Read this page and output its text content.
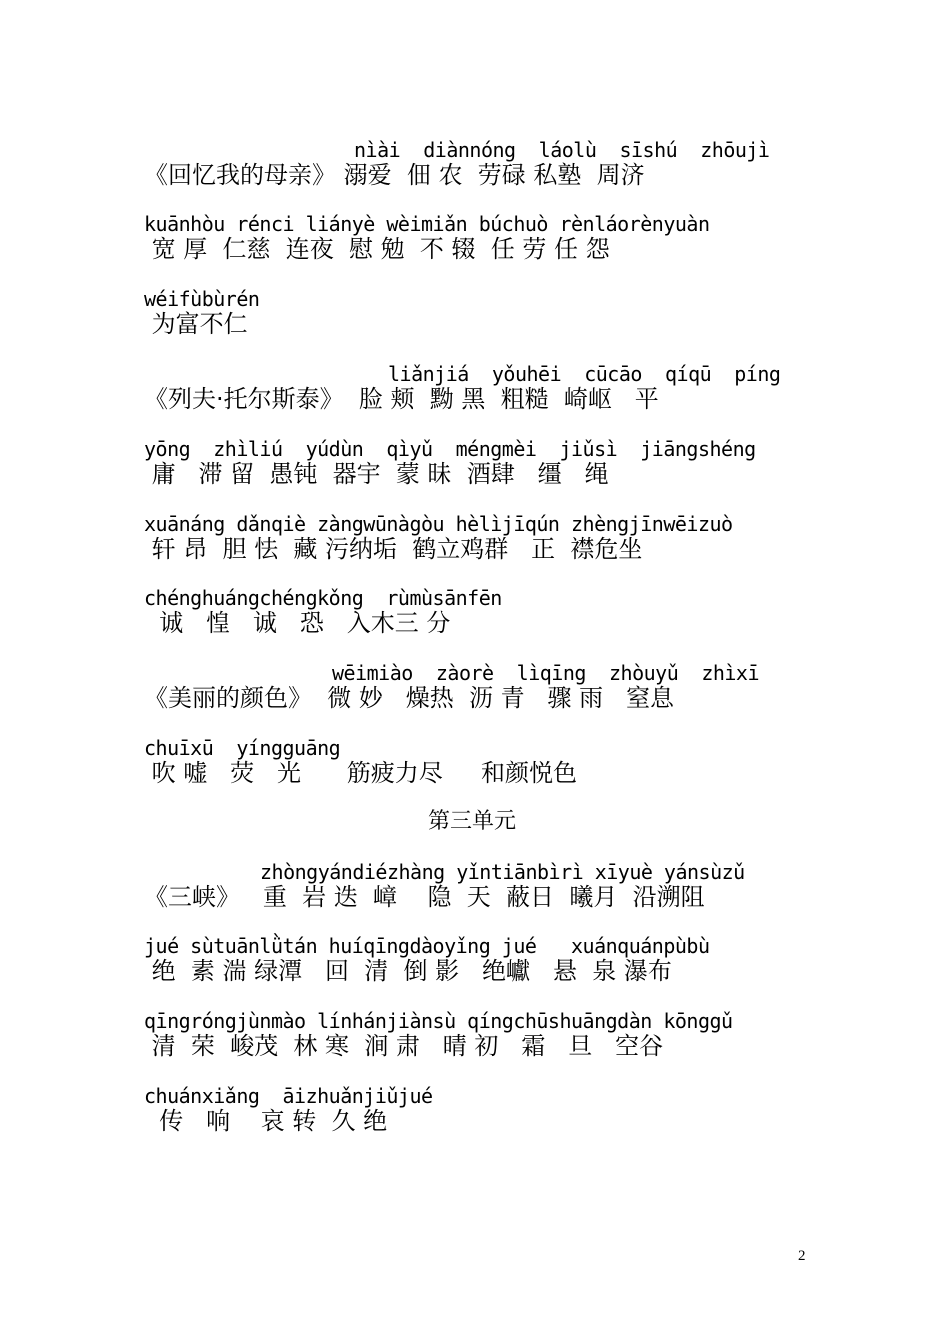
nìài  diànnóng  láolù  sīshú  zhōujì
《回忆我的母亲》 溺爱  佃 农  劳碌 私塾  周济
kuānhòu rénci liányè wèimiǎn búchuò rènláorènyuàn
宽 厚  仁慈  连夜  慰 勉  不 辍  任 劳 任 怨
wéifùbùrén
为富不仁
liǎnjiá  yǒuhēi  cūcāo  qíqū  píng
《列夫·托尔斯泰》  脸 颊  黝 黑  粗糙  崎岖   平
yōng  zhìliú  yúdùn  qìyǔ  méngmèi  jiǔsì  jiāngshéng
庸   滞 留  愚钝  器宇  蒙 昧  酒肆   缰   绳
xuānáng dǎnqiè zàngwūnàgòu hèlìjīqún zhèngjīnwēizuò
轩 昂  胆 怯  藏 污纳垢  鹤立鸡群   正  襟危坐
chénghuángchéngkǒng  rùmùsānfēn
诚   惶   诚   恐   入木三 分
wēimiào  zàorè  lìqīng  zhòuyǔ  zhìxī
《美丽的颜色》  微 妙   燥热  沥 青   骤 雨   窒息
chuīxū  yíngguāng
吹 嘘   荧   光      筋疲力尽     和颜悦色
第三单元
zhòngyándiézhàng yǐntiānbìrì xīyuè yánsùzǔ
《三峡》   重  岩 迭  嶂    隐  天  蔽日  曦月  沿溯阻
jué sùtuānlǜtán huíqīngdàoyǐng jué   xuánquánpùbù
绝  素 湍 绿潭   回  清  倒 影   绝巘   悬  泉 瀑布
qīngróngjùnmào línhánjiànsù qíngchūshuāngdàn kōnggǔ
清  荣  峻茂  林 寒  涧 肃   晴 初   霜   旦   空谷
chuánxiǎng  āizhuǎnjiǔjué
传   响    哀 转  久 绝
2
